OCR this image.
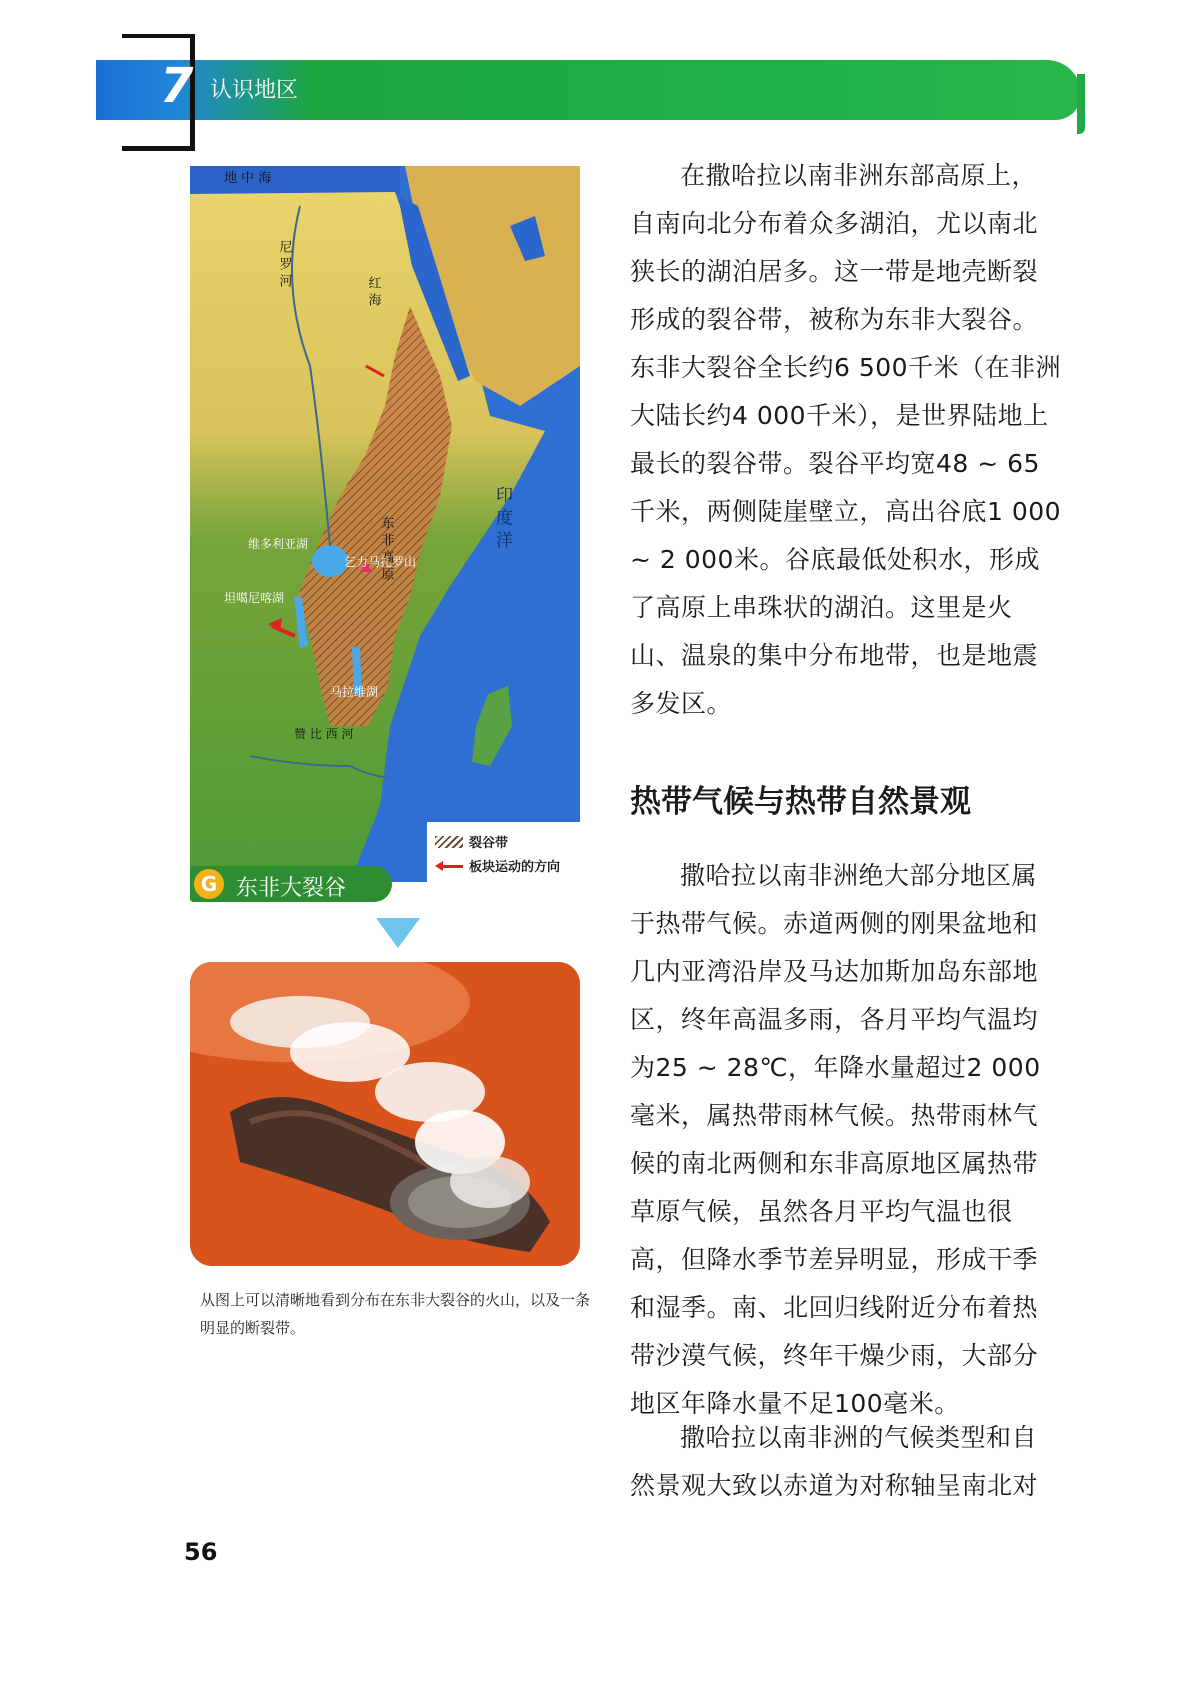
7 认识地区
地 中 海
尼 罗 河
红 海
印 度 洋
东 非 高 原
维多利亚湖
乞力马扎罗山
坦噶尼喀湖
马拉维湖
赞 比 西 河
裂谷带
板块运动的方向
G 东非大裂谷
从图上可以清晰地看到分布在东非大裂谷的火山，以及一条明显的断裂带。
在撒哈拉以南非洲东部高原上，自南向北分布着众多湖泊，尤以南北狭长的湖泊居多。这一带是地壳断裂形成的裂谷带，被称为东非大裂谷。东非大裂谷全长约6 500千米（在非洲大陆长约4 000千米），是世界陆地上最长的裂谷带。裂谷平均宽48 ~ 65千米，两侧陡崖壁立，高出谷底1 000 ~ 2 000米。谷底最低处积水，形成了高原上串珠状的湖泊。这里是火山、温泉的集中分布地带，也是地震多发区。
热带气候与热带自然景观
撒哈拉以南非洲绝大部分地区属于热带气候。赤道两侧的刚果盆地和几内亚湾沿岸及马达加斯加岛东部地区，终年高温多雨，各月平均气温均为25 ~ 28℃，年降水量超过2 000毫米，属热带雨林气候。热带雨林气候的南北两侧和东非高原地区属热带草原气候，虽然各月平均气温也很高，但降水季节差异明显，形成干季和湿季。南、北回归线附近分布着热带沙漠气候，终年干燥少雨，大部分地区年降水量不足100毫米。
撒哈拉以南非洲的气候类型和自然景观大致以赤道为对称轴呈南北对
56
